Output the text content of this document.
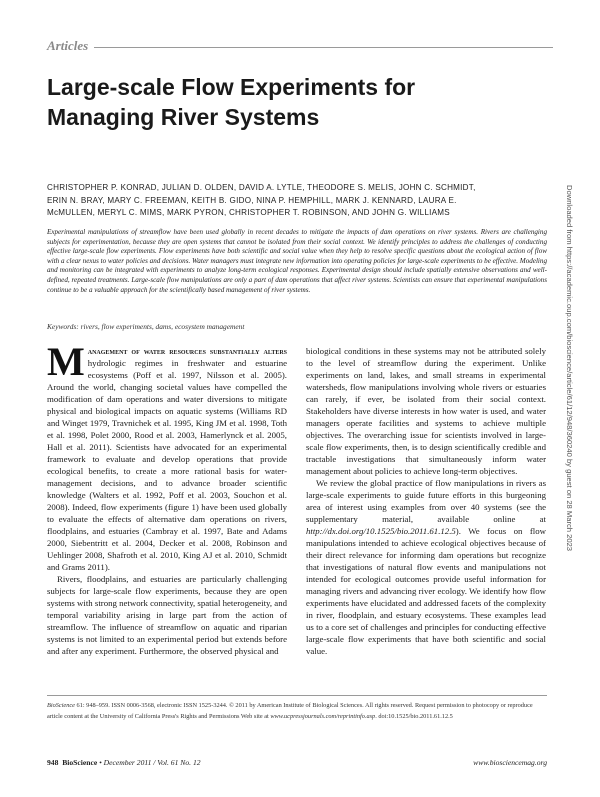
Articles
Large-scale Flow Experiments for
Managing River Systems
CHRISTOPHER P. KONRAD, JULIAN D. OLDEN, DAVID A. LYTLE, THEODORE S. MELIS, JOHN C. SCHMIDT,
ERIN N. BRAY, MARY C. FREEMAN, KEITH B. GIDO, NINA P. HEMPHILL, MARK J. KENNARD, LAURA E.
McMULLEN, MERYL C. MIMS, MARK PYRON, CHRISTOPHER T. ROBINSON, AND JOHN G. WILLIAMS

Experimental manipulations of streamflow have been used globally in recent decades to mitigate the impacts of dam operations on river systems. Rivers are challenging subjects for experimentation, because they are open systems that cannot be isolated from their social context. We identify principles to address the challenges of conducting effective large-scale flow experiments. Flow experiments have both scientific and social value when they help to resolve specific questions about the ecological action of flow with a clear nexus to water policies and decisions. Water managers must integrate new information into operating policies for large-scale experiments to be effective. Modeling and monitoring can be integrated with experiments to analyze long-term ecological responses. Experimental design should include spatially extensive observations and well-defined, repeated treatments. Large-scale flow manipulations are only a part of dam operations that affect river systems. Scientists can ensure that experimental manipulations continue to be a valuable approach for the scientifically based management of river systems.

Keywords: rivers, flow experiments, dams, ecosystem management

Management of water resources substantially alters hydrologic regimes in freshwater and estuarine ecosystems (Poff et al. 1997, Nilsson et al. 2005). Around the world, changing societal values have compelled the modification of dam operations and water diversions to mitigate physical and biological impacts on aquatic systems (Williams RD and Winget 1979, Travnichek et al. 1995, King JM et al. 1998, Toth et al. 1998, Polet 2000, Rood et al. 2003, Hamerlynck et al. 2005, Hall et al. 2011). Scientists have advocated for an experimental framework to evaluate and develop operations that provide ecological benefits, to create a more rational basis for water-management decisions, and to advance broader scientific knowledge (Walters et al. 1992, Poff et al. 2003, Souchon et al. 2008). Indeed, flow experiments (figure 1) have been used globally to evaluate the effects of alternative dam operations on rivers, floodplains, and estuaries (Cambray et al. 1997, Bate and Adams 2000, Siebentritt et al. 2004, Decker et al. 2008, Robinson and Uehlinger 2008, Shafroth et al. 2010, King AJ et al. 2010, Schmidt and Grams 2011).

Rivers, floodplains, and estuaries are particularly challenging subjects for large-scale flow experiments, because they are open systems with strong network connectivity, spatial heterogeneity, and temporal variability arising in large part from the action of streamflow. The influence of streamflow on aquatic and riparian systems is not limited to an experimental period but extends before and after any experiment. Furthermore, the observed physical and

biological conditions in these systems may not be attributed solely to the level of streamflow during the experiment. Unlike experiments on land, lakes, and small streams in experimental watersheds, flow manipulations involving whole rivers or estuaries can rarely, if ever, be isolated from their social context. Stakeholders have diverse interests in how water is used, and water managers operate facilities and systems to achieve multiple objectives. The overarching issue for scientists involved in large-scale flow experiments, then, is to design scientifically credible and tractable investigations that simultaneously inform water management about policies to achieve long-term objectives.

We review the global practice of flow manipulations in rivers as large-scale experiments to guide future efforts in this burgeoning area of interest using examples from over 40 systems (see the supplementary material, available online at http://dx.doi.org/10.1525/bio.2011.61.12.5). We focus on flow manipulations intended to achieve ecological objectives because of their direct relevance for informing dam operations but recognize that investigations of natural flow events and manipulations not intended for ecological outcomes provide useful information for managing rivers and advancing river ecology. We identify how flow experiments have elucidated and addressed facets of the complexity in river, floodplain, and estuary ecosystems. These examples lead us to a core set of challenges and principles for conducting effective large-scale flow experiments that have both scientific and social value.

BioScience 61: 948–959. ISSN 0006-3568, electronic ISSN 1525-3244. © 2011 by American Institute of Biological Sciences. All rights reserved. Request permission to photocopy or reproduce article content at the University of California Press's Rights and Permissions Web site at www.ucpressjournals.com/reprintinfo.asp. doi:10.1525/bio.2011.61.12.5
948 BioScience • December 2011 / Vol. 61 No. 12	www.biosciencemag.org
Downloaded from https://academic.oup.com/bioscience/article/61/12/948/360240 by guest on 28 March 2023
